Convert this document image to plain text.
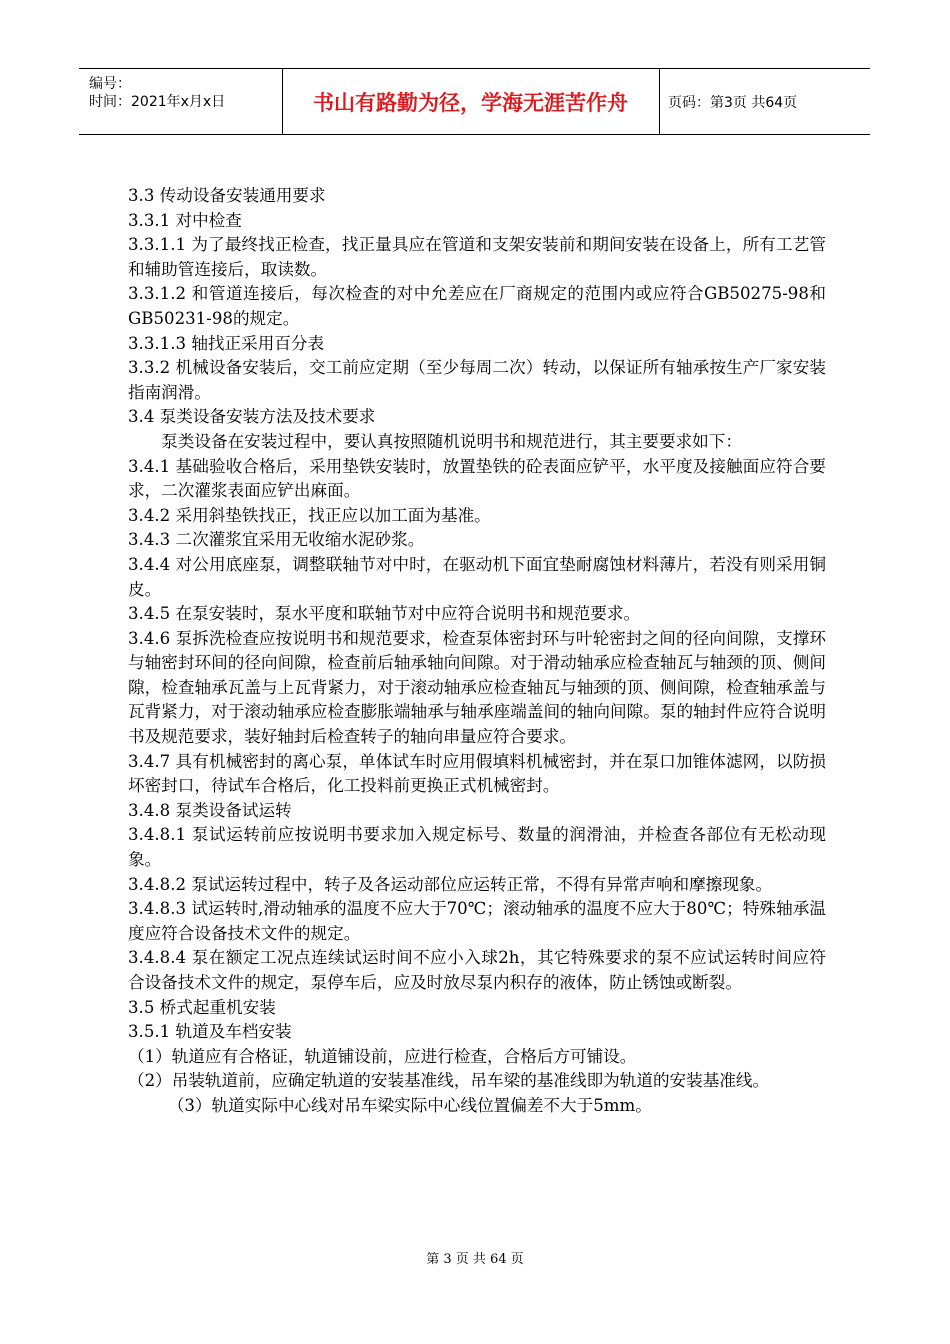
编号：
时间：2021年x月x日	书山有路勤为径，学海无涯苦作舟	页码：第3页 共64页

3.3 传动设备安装通用要求

3.3.1 对中检查

3.3.1.1 为了最终找正检查，找正量具应在管道和支架安装前和期间安装在设备上，所有工艺管和辅助管连接后，取读数。

3.3.1.2 和管道连接后，每次检查的对中允差应在厂商规定的范围内或应符合GB50275-98和GB50231-98的规定。

3.3.1.3 轴找正采用百分表

3.3.2 机械设备安装后，交工前应定期（至少每周二次）转动，以保证所有轴承按生产厂家安装指南润滑。

3.4 泵类设备安装方法及技术要求

泵类设备在安装过程中，要认真按照随机说明书和规范进行，其主要要求如下：

3.4.1 基础验收合格后，采用垫铁安装时，放置垫铁的砼表面应铲平，水平度及接触面应符合要求，二次灌浆表面应铲出麻面。

3.4.2 采用斜垫铁找正，找正应以加工面为基准。

3.4.3 二次灌浆宜采用无收缩水泥砂浆。

3.4.4 对公用底座泵，调整联轴节对中时，在驱动机下面宜垫耐腐蚀材料薄片，若没有则采用铜皮。

3.4.5 在泵安装时，泵水平度和联轴节对中应符合说明书和规范要求。

3.4.6 泵拆洗检查应按说明书和规范要求，检查泵体密封环与叶轮密封之间的径向间隙，支撑环与轴密封环间的径向间隙，检查前后轴承轴向间隙。对于滑动轴承应检查轴瓦与轴颈的顶、侧间隙，检查轴承瓦盖与上瓦背紧力，对于滚动轴承应检查轴瓦与轴颈的顶、侧间隙，检查轴承盖与瓦背紧力，对于滚动轴承应检查膨胀端轴承与轴承座端盖间的轴向间隙。泵的轴封件应符合说明书及规范要求，装好轴封后检查转子的轴向串量应符合要求。

3.4.7 具有机械密封的离心泵，单体试车时应用假填料机械密封，并在泵口加锥体滤网，以防损坏密封口，待试车合格后，化工投料前更换正式机械密封。

3.4.8 泵类设备试运转

3.4.8.1 泵试运转前应按说明书要求加入规定标号、数量的润滑油，并检查各部位有无松动现象。

3.4.8.2 泵试运转过程中，转子及各运动部位应运转正常，不得有异常声响和摩擦现象。

3.4.8.3 试运转时,滑动轴承的温度不应大于70℃；滚动轴承的温度不应大于80℃；特殊轴承温度应符合设备技术文件的规定。

3.4.8.4 泵在额定工况点连续试运时间不应小入球2h，其它特殊要求的泵不应试运转时间应符合设备技术文件的规定，泵停车后，应及时放尽泵内积存的液体，防止锈蚀或断裂。

3.5 桥式起重机安装

3.5.1 轨道及车档安装

（1）轨道应有合格证，轨道铺设前，应进行检查，合格后方可铺设。

（2）吊装轨道前，应确定轨道的安装基准线，吊车梁的基准线即为轨道的安装基准线。

（3）轨道实际中心线对吊车梁实际中心线位置偏差不大于5mm。

第 3 页 共 64 页
